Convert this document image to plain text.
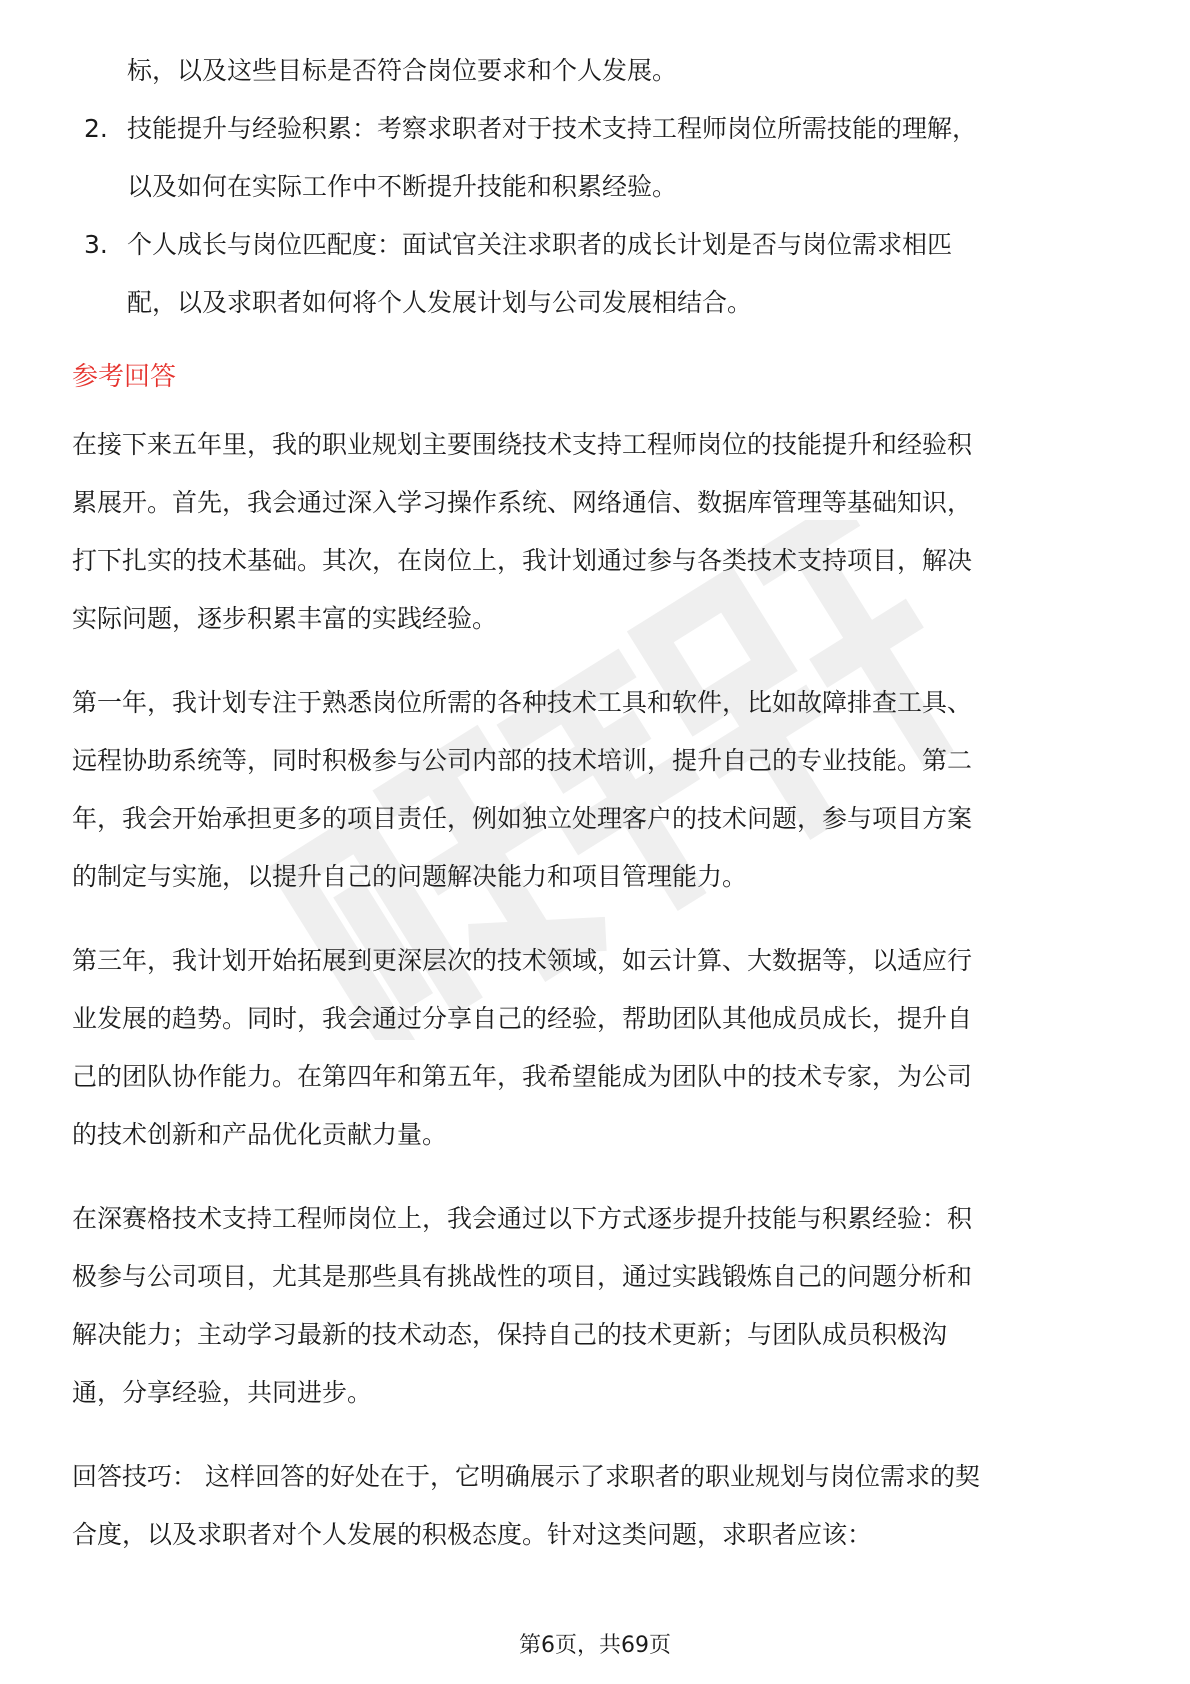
标，以及这些目标是否符合岗位要求和个人发展。
2. 技能提升与经验积累：考察求职者对于技术支持工程师岗位所需技能的理解，
以及如何在实际工作中不断提升技能和积累经验。
3. 个人成长与岗位匹配度：面试官关注求职者的成长计划是否与岗位需求相匹
配，以及求职者如何将个人发展计划与公司发展相结合。
参考回答
在接下来五年里，我的职业规划主要围绕技术支持工程师岗位的技能提升和经验积
累展开。首先，我会通过深入学习操作系统、网络通信、数据库管理等基础知识，
打下扎实的技术基础。其次，在岗位上，我计划通过参与各类技术支持项目，解决
实际问题，逐步积累丰富的实践经验。
第一年，我计划专注于熟悉岗位所需的各种技术工具和软件，比如故障排查工具、
远程协助系统等，同时积极参与公司内部的技术培训，提升自己的专业技能。第二
年，我会开始承担更多的项目责任，例如独立处理客户的技术问题，参与项目方案
的制定与实施，以提升自己的问题解决能力和项目管理能力。
第三年，我计划开始拓展到更深层次的技术领域，如云计算、大数据等，以适应行
业发展的趋势。同时，我会通过分享自己的经验，帮助团队其他成员成长，提升自
己的团队协作能力。在第四年和第五年，我希望能成为团队中的技术专家，为公司
的技术创新和产品优化贡献力量。
在深赛格技术支持工程师岗位上，我会通过以下方式逐步提升技能与积累经验：积
极参与公司项目，尤其是那些具有挑战性的项目，通过实践锻炼自己的问题分析和
解决能力；主动学习最新的技术动态，保持自己的技术更新；与团队成员积极沟
通，分享经验，共同进步。
回答技巧： 这样回答的好处在于，它明确展示了求职者的职业规划与岗位需求的契
合度，以及求职者对个人发展的积极态度。针对这类问题，求职者应该：
第6页，共69页
